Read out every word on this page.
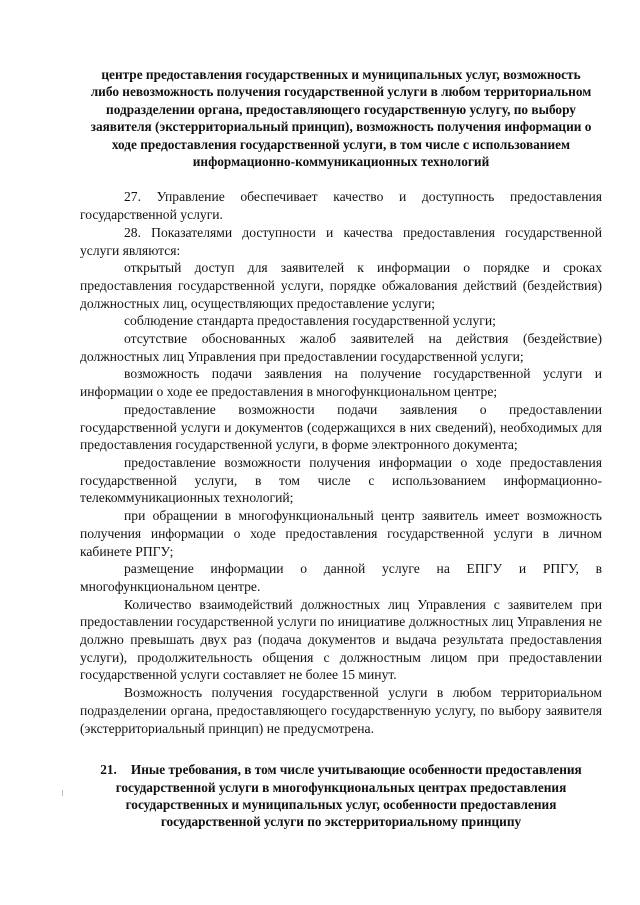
центре предоставления государственных и муниципальных услуг, возможность либо невозможность получения государственной услуги в любом территориальном подразделении органа, предоставляющего государственную услугу, по выбору заявителя (экстерриториальный принцип), возможность получения информации о ходе предоставления государственной услуги, в том числе с использованием информационно-коммуникационных технологий

27. Управление обеспечивает качество и доступность предоставления государственной услуги.

28. Показателями доступности и качества предоставления государственной услуги являются:

открытый доступ для заявителей к информации о порядке и сроках предоставления государственной услуги, порядке обжалования действий (бездействия) должностных лиц, осуществляющих предоставление услуги;

соблюдение стандарта предоставления государственной услуги;

отсутствие обоснованных жалоб заявителей на действия (бездействие) должностных лиц Управления при предоставлении государственной услуги;

возможность подачи заявления на получение государственной услуги и информации о ходе ее предоставления в многофункциональном центре;

предоставление возможности подачи заявления о предоставлении государственной услуги и документов (содержащихся в них сведений), необходимых для предоставления государственной услуги, в форме электронного документа;

предоставление возможности получения информации о ходе предоставления государственной услуги, в том числе с использованием информационно-телекоммуникационных технологий;

при обращении в многофункциональный центр заявитель имеет возможность получения информации о ходе предоставления государственной услуги в личном кабинете РПГУ;

размещение информации о данной услуге на ЕПГУ и РПГУ, в многофункциональном центре.

Количество взаимодействий должностных лиц Управления с заявителем при предоставлении государственной услуги по инициативе должностных лиц Управления не должно превышать двух раз (подача документов и выдача результата предоставления услуги), продолжительность общения с должностным лицом при предоставлении государственной услуги составляет не более 15 минут.

Возможность получения государственной услуги в любом территориальном подразделении органа, предоставляющего государственную услугу, по выбору заявителя (экстерриториальный принцип) не предусмотрена.

21. Иные требования, в том числе учитывающие особенности предоставления государственной услуги в многофункциональных центрах предоставления государственных и муниципальных услуг, особенности предоставления государственной услуги по экстерриториальному принципу
